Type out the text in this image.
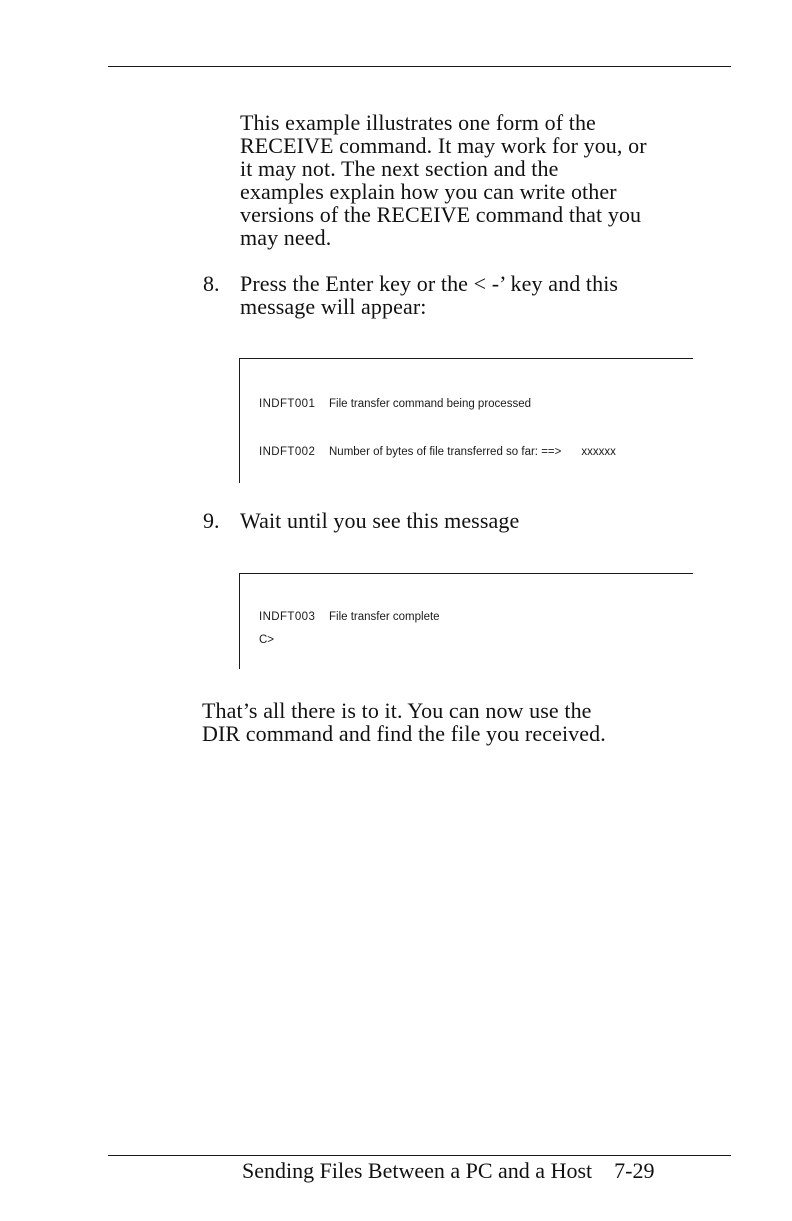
This example illustrates one form of the
RECEIVE command. It may work for you, or
it may not. The next section and the
examples explain how you can write other
versions of the RECEIVE command that you
may need.
8. Press the Enter key or the < -’ key and this
message will appear:
INDFT001 File transfer command being processed
INDFT002 Number of bytes of file transferred so far: ==> xxxxxx
9. Wait until you see this message
INDFT003 File transfer complete
C>
That’s all there is to it. You can now use the
DIR command and find the file you received.
Sending Files Between a PC and a Host 7-29
